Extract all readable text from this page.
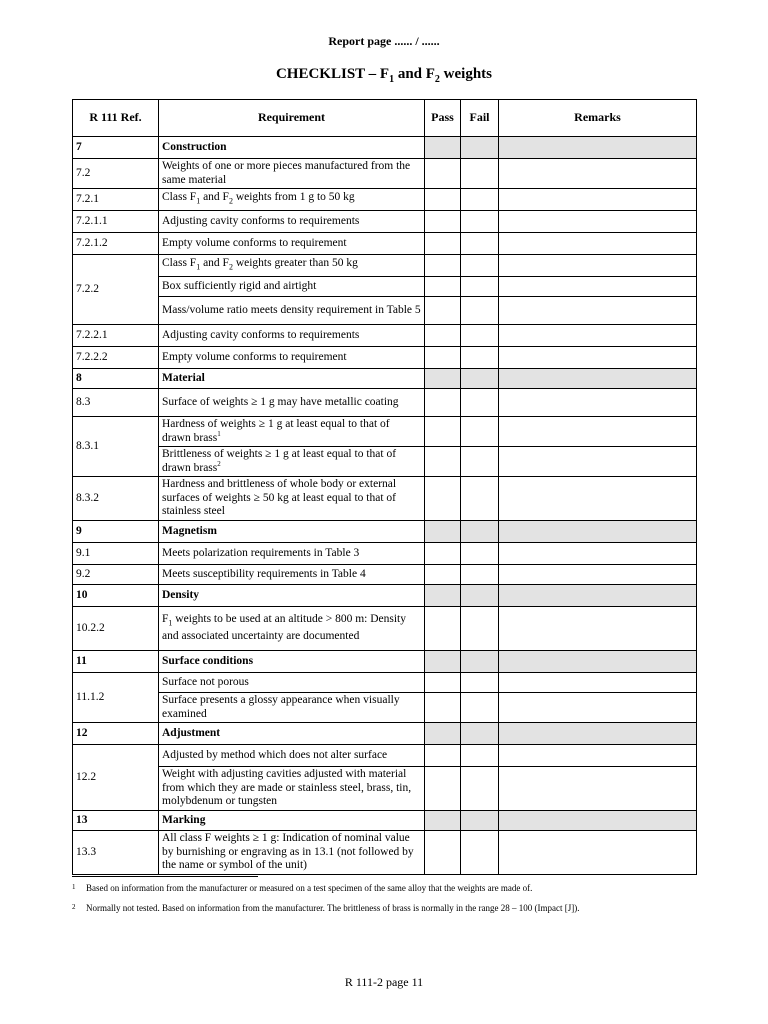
Report page ...... / ......
CHECKLIST – $F_1$ and $F_2$ weights
R 111 Ref.	Requirement	Pass	Fail	Remarks
7	Construction			
7.2	Weights of one or more pieces manufactured from the same material			
7.2.1	Class $F_1$ and $F_2$ weights from 1 g to 50 kg			
7.2.1.1	Adjusting cavity conforms to requirements			
7.2.1.2	Empty volume conforms to requirement			
7.2.2	Class $F_1$ and $F_2$ weights greater than 50 kg			
	Box sufficiently rigid and airtight			
	Mass/volume ratio meets density requirement in Table 5			
7.2.2.1	Adjusting cavity conforms to requirements			
7.2.2.2	Empty volume conforms to requirement			
8	Material			
8.3	Surface of weights ≥ 1 g may have metallic coating			
8.3.1	Hardness of weights ≥ 1 g at least equal to that of drawn brass$^1$			
	Brittleness of weights ≥ 1 g at least equal to that of drawn brass$^2$			
8.3.2	Hardness and brittleness of whole body or external surfaces of weights ≥ 50 kg at least equal to that of stainless steel			
9	Magnetism			
9.1	Meets polarization requirements in Table 3			
9.2	Meets susceptibility requirements in Table 4			
10	Density			
10.2.2	$F_1$ weights to be used at an altitude > 800 m: Density and associated uncertainty are documented			
11	Surface conditions			
11.1.2	Surface not porous			
	Surface presents a glossy appearance when visually examined			
12	Adjustment			
12.2	Adjusted by method which does not alter surface			
	Weight with adjusting cavities adjusted with material from which they are made or stainless steel, brass, tin, molybdenum or tungsten			
13	Marking			
13.3	All class F weights ≥ 1 g: Indication of nominal value by burnishing or engraving as in 13.1 (not followed by the name or symbol of the unit)			
1 Based on information from the manufacturer or measured on a test specimen of the same alloy that the weights are made of.
2 Normally not tested. Based on information from the manufacturer. The brittleness of brass is normally in the range 28 – 100 (Impact [J]).
R 111-2 page 11
